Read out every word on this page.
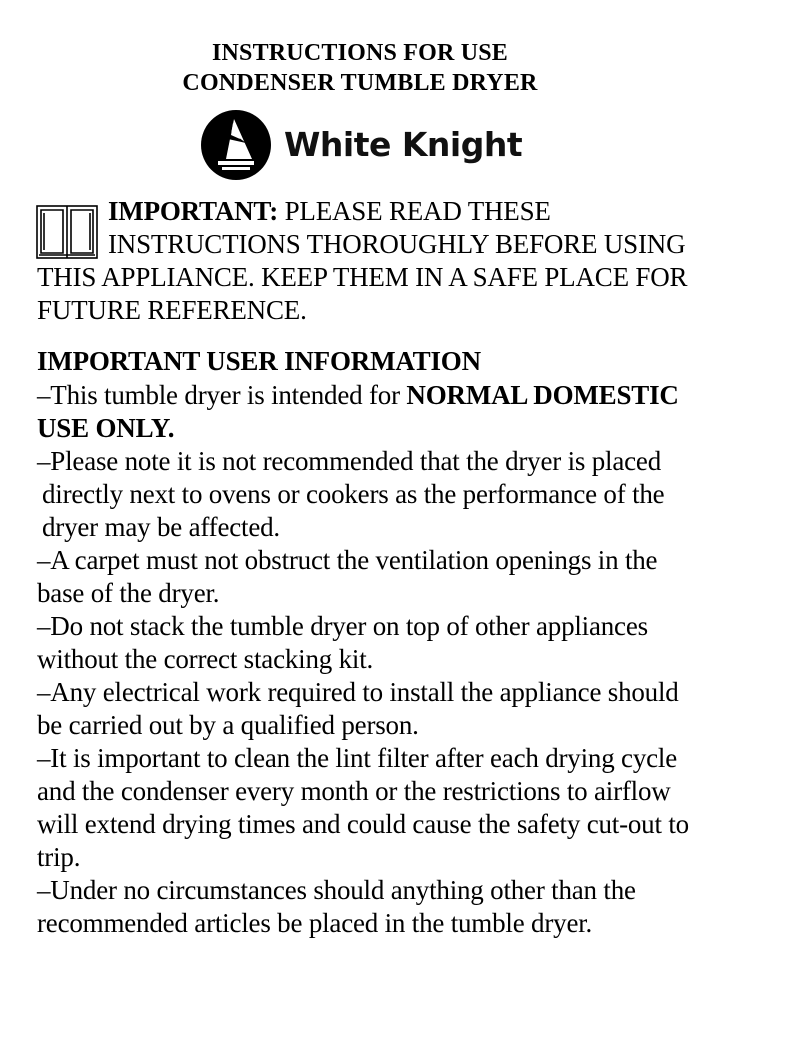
INSTRUCTIONS FOR USE
CONDENSER TUMBLE DRYER
White Knight
IMPORTANT: PLEASE READ THESE
INSTRUCTIONS THOROUGHLY BEFORE USING
THIS APPLIANCE. KEEP THEM IN A SAFE PLACE FOR
FUTURE REFERENCE.
IMPORTANT USER INFORMATION
–This tumble dryer is intended for NORMAL DOMESTIC
USE ONLY.
–Please note it is not recommended that the dryer is placed
directly next to ovens or cookers as the performance of the
dryer may be affected.
–A carpet must not obstruct the ventilation openings in the
base of the dryer.
–Do not stack the tumble dryer on top of other appliances
without the correct stacking kit.
–Any electrical work required to install the appliance should
be carried out by a qualified person.
–It is important to clean the lint filter after each drying cycle
and the condenser every month or the restrictions to airflow
will extend drying times and could cause the safety cut-out to
trip.
–Under no circumstances should anything other than the
recommended articles be placed in the tumble dryer.
